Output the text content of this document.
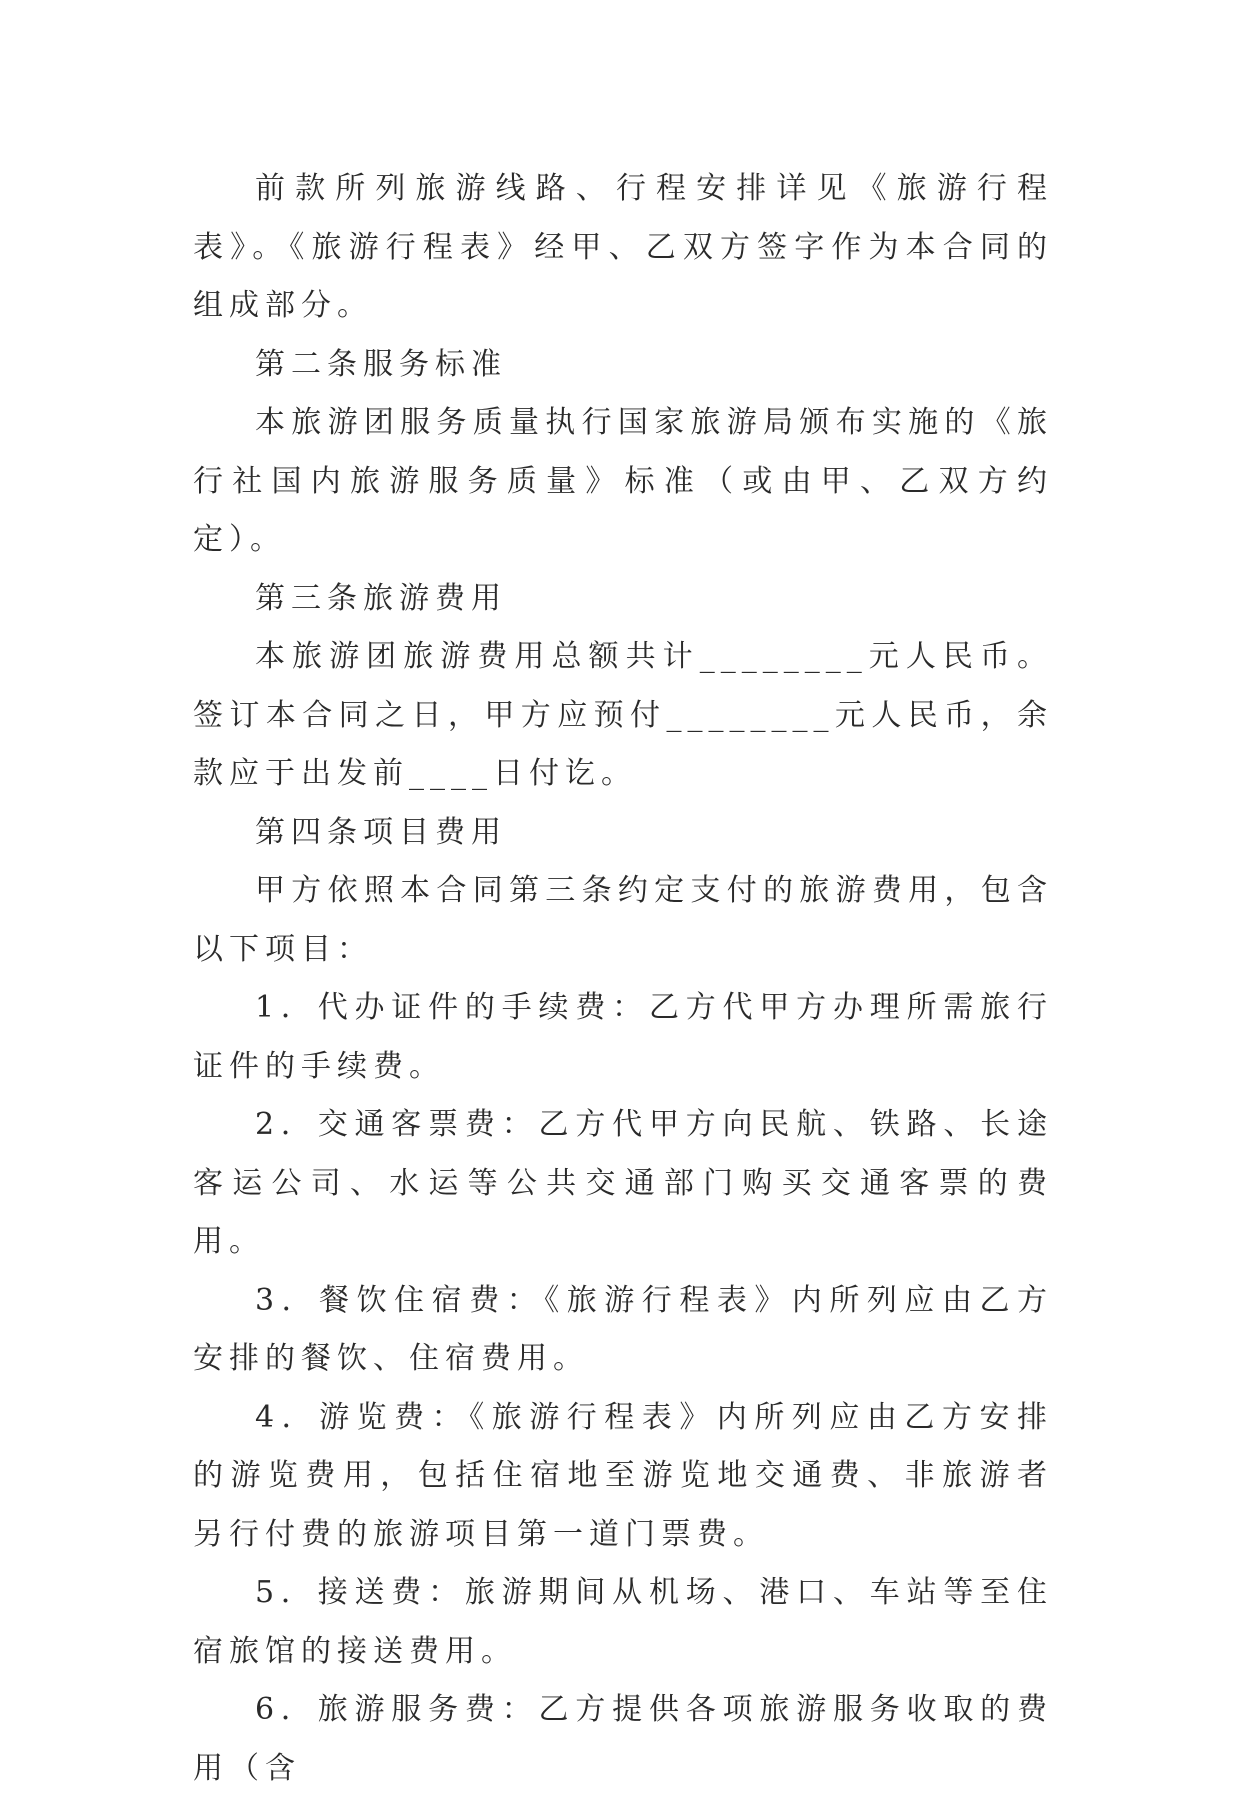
前款所列旅游线路、行程安排详见《旅游行程表》。《旅游行程表》经甲、乙双方签字作为本合同的组成部分。

第二条服务标准

本旅游团服务质量执行国家旅游局颁布实施的《旅行社国内旅游服务质量》标准（或由甲、乙双方约定）。

第三条旅游费用

本旅游团旅游费用总额共计________元人民币。签订本合同之日，甲方应预付________元人民币，余款应于出发前____日付讫。

第四条项目费用

甲方依照本合同第三条约定支付的旅游费用，包含以下项目：

1．代办证件的手续费：乙方代甲方办理所需旅行证件的手续费。

2．交通客票费：乙方代甲方向民航、铁路、长途客运公司、水运等公共交通部门购买交通客票的费用。

3．餐饮住宿费：《旅游行程表》内所列应由乙方安排的餐饮、住宿费用。

4．游览费：《旅游行程表》内所列应由乙方安排的游览费用，包括住宿地至游览地交通费、非旅游者另行付费的旅游项目第一道门票费。

5．接送费：旅游期间从机场、港口、车站等至住宿旅馆的接送费用。

6．旅游服务费：乙方提供各项旅游服务收取的费用（含
